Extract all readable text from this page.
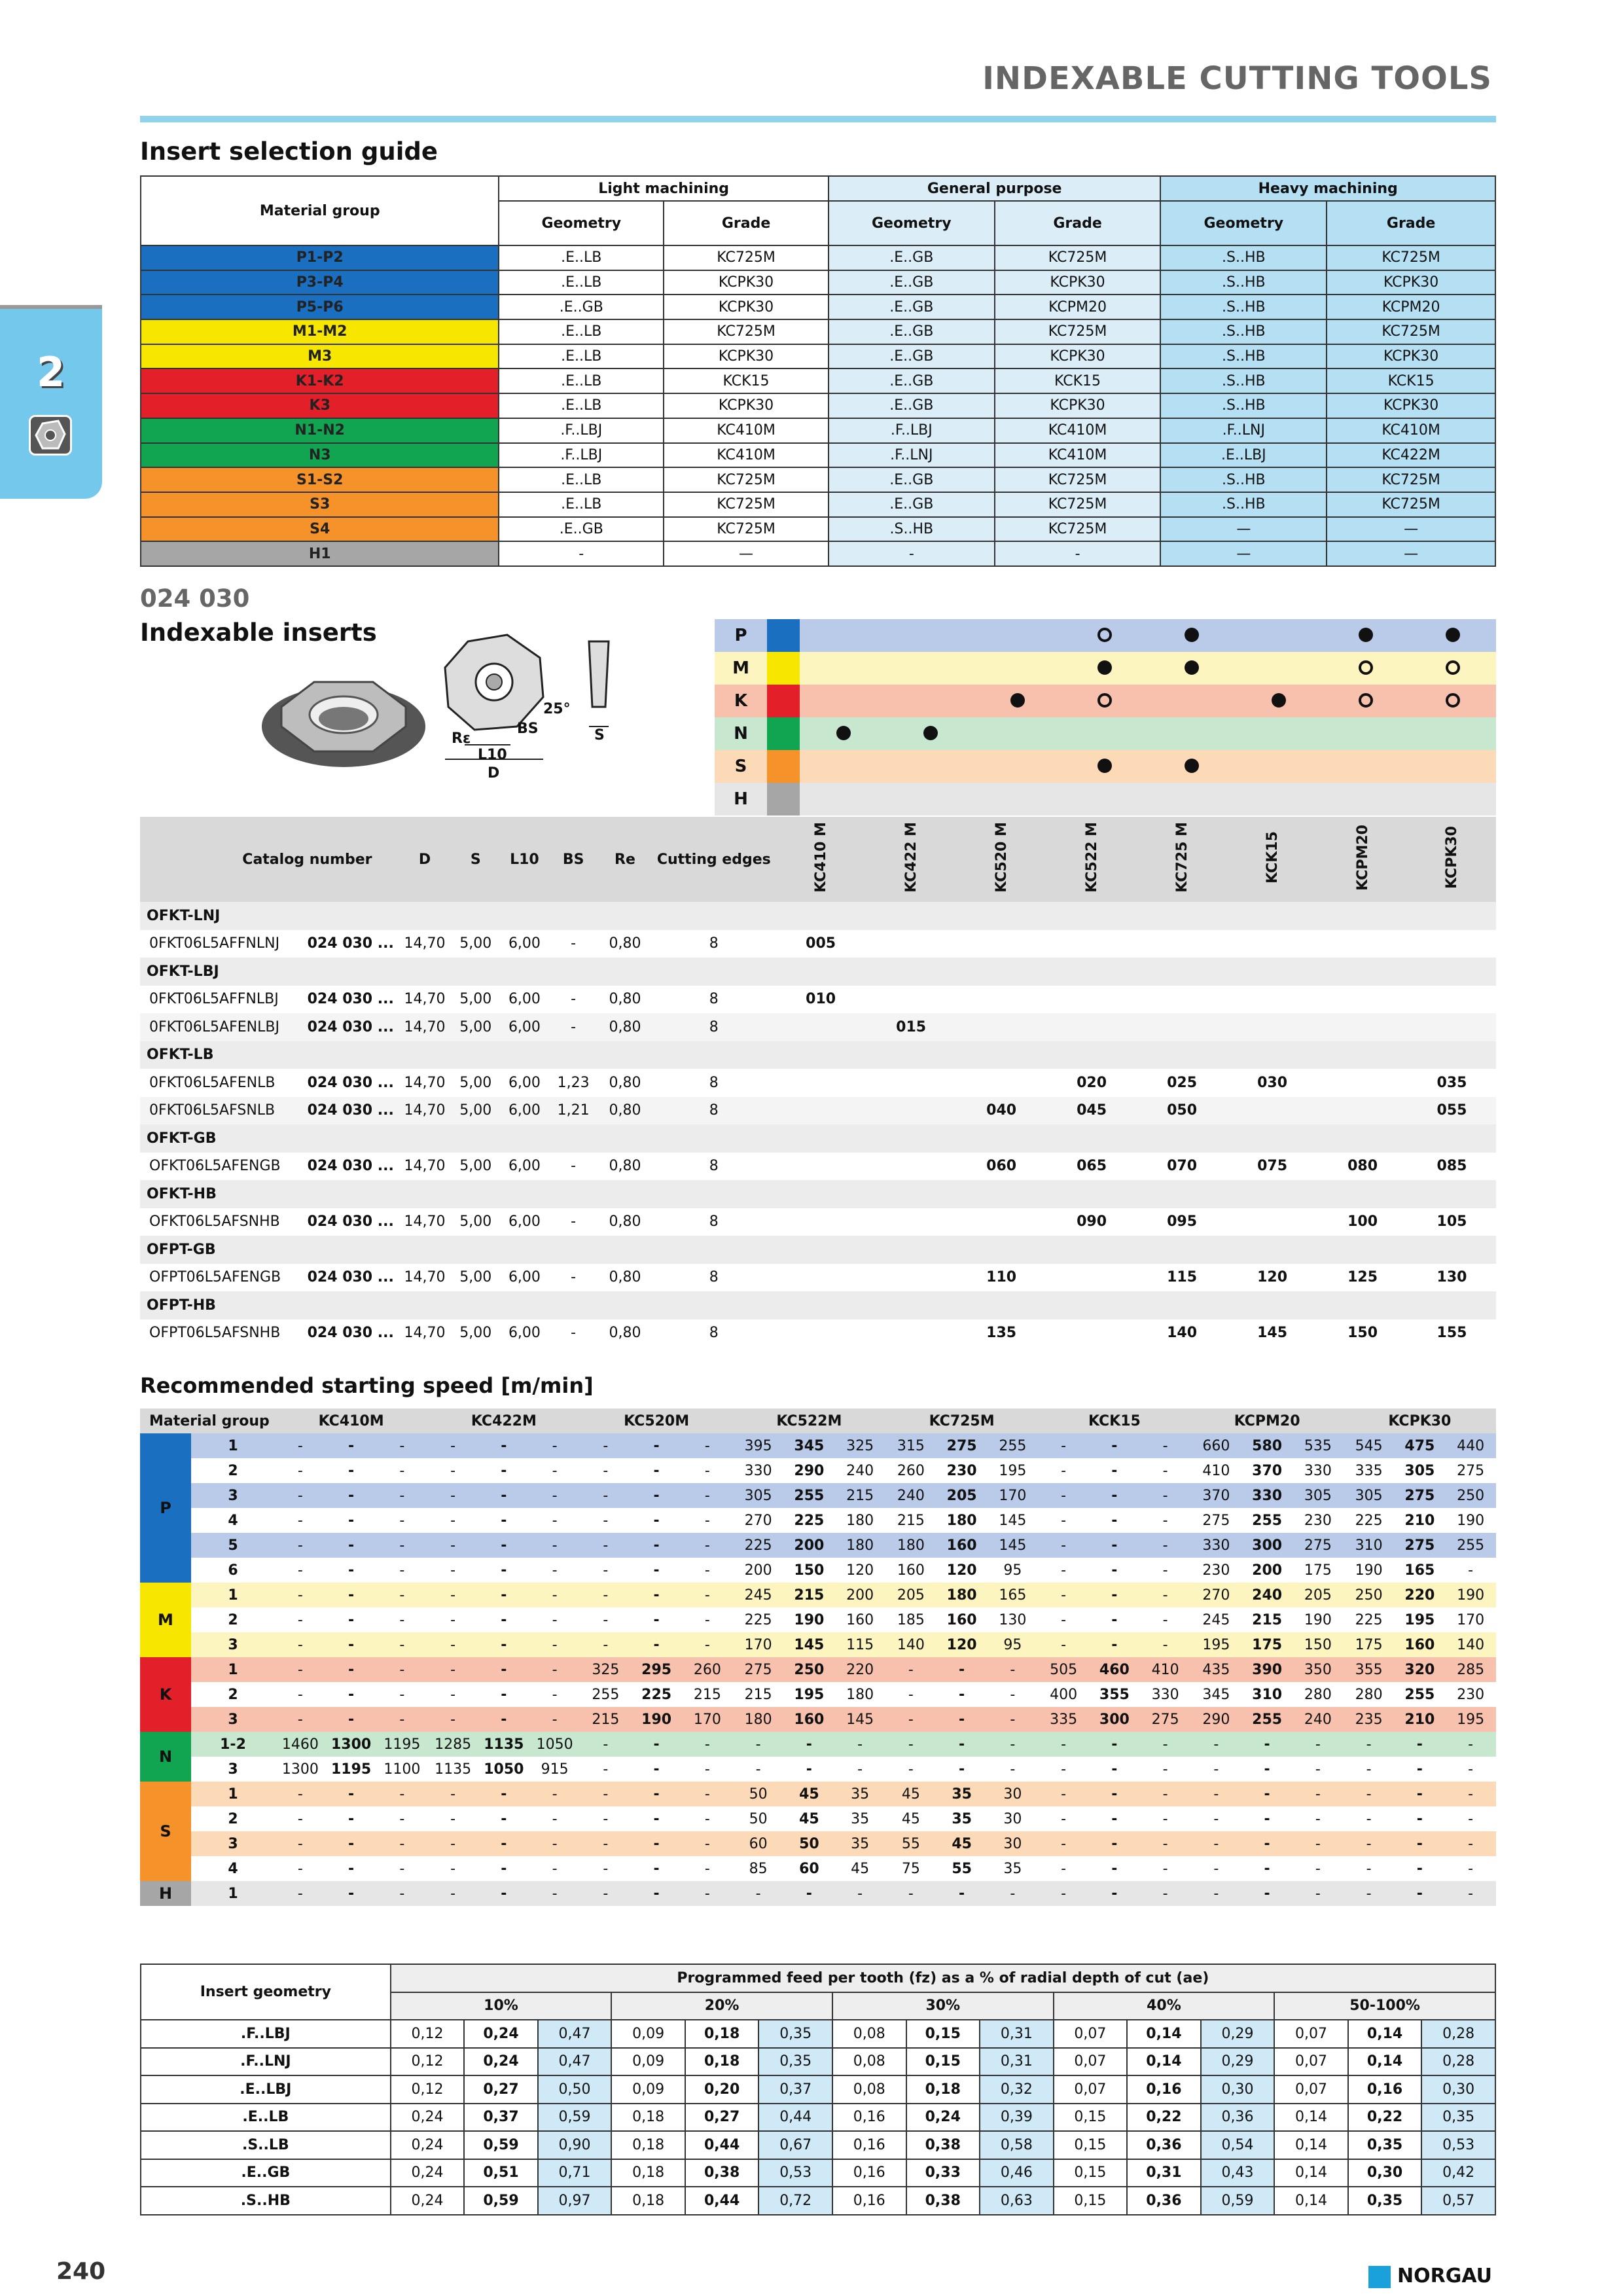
INDEXABLE CUTTING TOOLS
2
Insert selection guide
Material group	Light machining		General purpose		Heavy machining	
	Geometry	Grade	Geometry	Grade	Geometry	Grade
P1-P2	.E..LB	KC725M	.E..GB	KC725M	.S..HB	KC725M
P3-P4	.E..LB	KCPK30	.E..GB	KCPK30	.S..HB	KCPK30
P5-P6	.E..GB	KCPK30	.E..GB	KCPM20	.S..HB	KCPM20
M1-M2	.E..LB	KC725M	.E..GB	KC725M	.S..HB	KC725M
M3	.E..LB	KCPK30	.E..GB	KCPK30	.S..HB	KCPK30
K1-K2	.E..LB	KCK15	.E..GB	KCK15	.S..HB	KCK15
K3	.E..LB	KCPK30	.E..GB	KCPK30	.S..HB	KCPK30
N1-N2	.F..LBJ	KC410M	.F..LBJ	KC410M	.F..LNJ	KC410M
N3	.F..LBJ	KC410M	.F..LNJ	KC410M	.E..LBJ	KC422M
S1-S2	.E..LB	KC725M	.E..GB	KC725M	.S..HB	KC725M
S3	.E..LB	KC725M	.E..GB	KC725M	.S..HB	KC725M
S4	.E..GB	KC725M	.S..HB	KC725M	—	—
H1	-	—	-	-	—	—
024 030
Indexable inserts
Rε
BS
L10
D
S
25°
P									
M									
K									
N									
S									
H									
Catalog number		D	S	L10	BS	Re	Cutting edges	KC410 M	KC422 M	KC520 M	KC522 M	KC725 M	KCK15	KCPM20	KCPK30
OFKT-LNJ															
0FKT06L5AFFNLNJ	024 030 ...	14,70	5,00	6,00	-	0,80	8	005							
OFKT-LBJ															
0FKT06L5AFFNLBJ	024 030 ...	14,70	5,00	6,00	-	0,80	8	010							
0FKT06L5AFENLBJ	024 030 ...	14,70	5,00	6,00	-	0,80	8		015						
OFKT-LB															
0FKT06L5AFENLB	024 030 ...	14,70	5,00	6,00	1,23	0,80	8				020	025	030		035
0FKT06L5AFSNLB	024 030 ...	14,70	5,00	6,00	1,21	0,80	8			040	045	050			055
OFKT-GB															
OFKT06L5AFENGB	024 030 ...	14,70	5,00	6,00	-	0,80	8			060	065	070	075	080	085
OFKT-HB															
OFKT06L5AFSNHB	024 030 ...	14,70	5,00	6,00	-	0,80	8				090	095		100	105
OFPT-GB															
OFPT06L5AFENGB	024 030 ...	14,70	5,00	6,00	-	0,80	8			110		115	120	125	130
OFPT-HB															
OFPT06L5AFSNHB	024 030 ...	14,70	5,00	6,00	-	0,80	8			135		140	145	150	155
Recommended starting speed [m/min]
Material group		KC410M			KC422M			KC520M			KC522M			KC725M			KCK15			KCPM20			KCPK30		
P	1	-	-	-	-	-	-	-	-	-	395	345	325	315	275	255	-	-	-	660	580	535	545	475	440
	2	-	-	-	-	-	-	-	-	-	330	290	240	260	230	195	-	-	-	410	370	330	335	305	275
	3	-	-	-	-	-	-	-	-	-	305	255	215	240	205	170	-	-	-	370	330	305	305	275	250
	4	-	-	-	-	-	-	-	-	-	270	225	180	215	180	145	-	-	-	275	255	230	225	210	190
	5	-	-	-	-	-	-	-	-	-	225	200	180	180	160	145	-	-	-	330	300	275	310	275	255
	6	-	-	-	-	-	-	-	-	-	200	150	120	160	120	95	-	-	-	230	200	175	190	165	-
M	1	-	-	-	-	-	-	-	-	-	245	215	200	205	180	165	-	-	-	270	240	205	250	220	190
	2	-	-	-	-	-	-	-	-	-	225	190	160	185	160	130	-	-	-	245	215	190	225	195	170
	3	-	-	-	-	-	-	-	-	-	170	145	115	140	120	95	-	-	-	195	175	150	175	160	140
K	1	-	-	-	-	-	-	325	295	260	275	250	220	-	-	-	505	460	410	435	390	350	355	320	285
	2	-	-	-	-	-	-	255	225	215	215	195	180	-	-	-	400	355	330	345	310	280	280	255	230
	3	-	-	-	-	-	-	215	190	170	180	160	145	-	-	-	335	300	275	290	255	240	235	210	195
N	1-2	1460	1300	1195	1285	1135	1050	-	-	-	-	-	-	-	-	-	-	-	-	-	-	-	-	-	-
	3	1300	1195	1100	1135	1050	915	-	-	-	-	-	-	-	-	-	-	-	-	-	-	-	-	-	-
S	1	-	-	-	-	-	-	-	-	-	50	45	35	45	35	30	-	-	-	-	-	-	-	-	-
	2	-	-	-	-	-	-	-	-	-	50	45	35	45	35	30	-	-	-	-	-	-	-	-	-
	3	-	-	-	-	-	-	-	-	-	60	50	35	55	45	30	-	-	-	-	-	-	-	-	-
	4	-	-	-	-	-	-	-	-	-	85	60	45	75	55	35	-	-	-	-	-	-	-	-	-
H	1	-	-	-	-	-	-	-	-	-	-	-	-	-	-	-	-	-	-	-	-	-	-	-	-
Insert geometry	Programmed feed per tooth (fz) as a % of radial depth of cut (ae)														
	10%			20%			30%			40%			50-100%		
.F..LBJ	0,12	0,24	0,47	0,09	0,18	0,35	0,08	0,15	0,31	0,07	0,14	0,29	0,07	0,14	0,28
.F..LNJ	0,12	0,24	0,47	0,09	0,18	0,35	0,08	0,15	0,31	0,07	0,14	0,29	0,07	0,14	0,28
.E..LBJ	0,12	0,27	0,50	0,09	0,20	0,37	0,08	0,18	0,32	0,07	0,16	0,30	0,07	0,16	0,30
.E..LB	0,24	0,37	0,59	0,18	0,27	0,44	0,16	0,24	0,39	0,15	0,22	0,36	0,14	0,22	0,35
.S..LB	0,24	0,59	0,90	0,18	0,44	0,67	0,16	0,38	0,58	0,15	0,36	0,54	0,14	0,35	0,53
.E..GB	0,24	0,51	0,71	0,18	0,38	0,53	0,16	0,33	0,46	0,15	0,31	0,43	0,14	0,30	0,42
.S..HB	0,24	0,59	0,97	0,18	0,44	0,72	0,16	0,38	0,63	0,15	0,36	0,59	0,14	0,35	0,57
240	NORGAU
